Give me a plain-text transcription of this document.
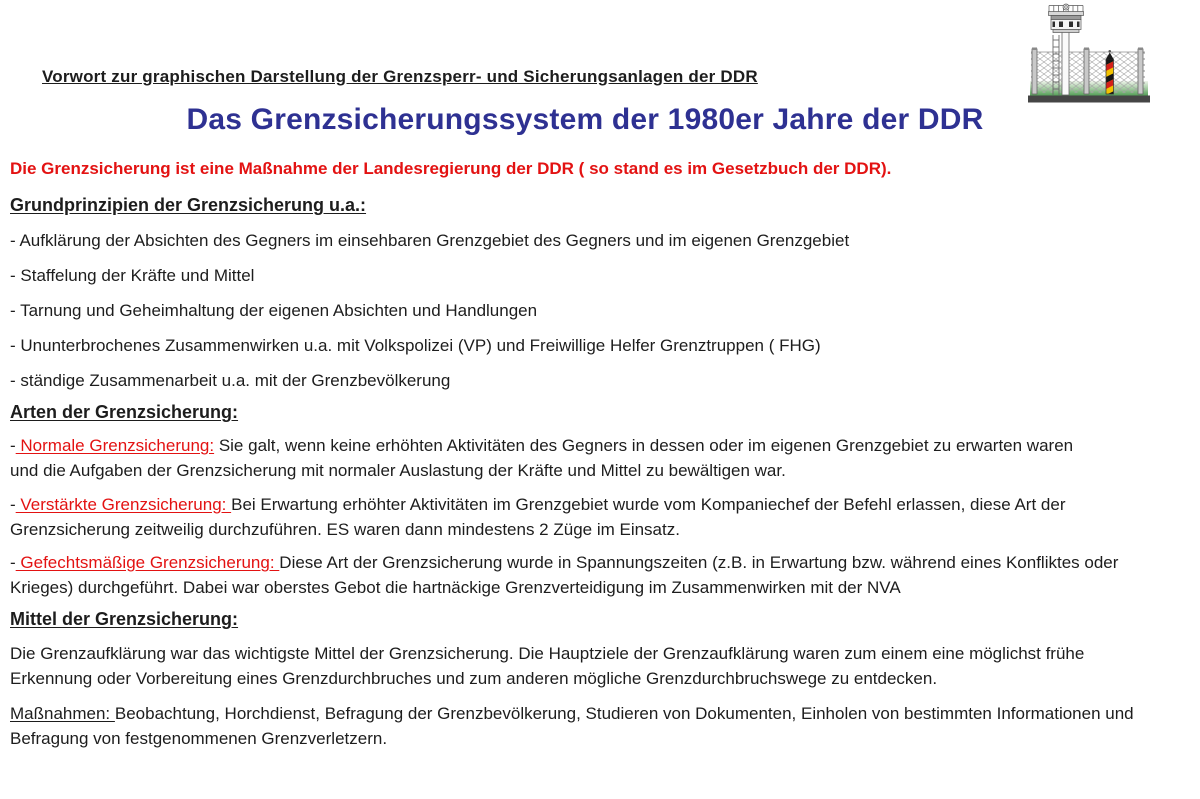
Vorwort zur graphischen Darstellung der Grenzsperr- und Sicherungsanlagen der DDR
Das Grenzsicherungssystem der 1980er Jahre der DDR

Die Grenzsicherung ist eine Maßnahme der Landesregierung der DDR ( so stand es im Gesetzbuch der DDR).

Grundprinzipien der Grenzsicherung u.a.:

- Aufklärung der Absichten des Gegners im einsehbaren Grenzgebiet des Gegners und im eigenen Grenzgebiet

- Staffelung der Kräfte und Mittel

- Tarnung und Geheimhaltung der eigenen Absichten und Handlungen

- Ununterbrochenes Zusammenwirken u.a. mit Volkspolizei (VP) und Freiwillige Helfer Grenztruppen ( FHG)

- ständige Zusammenarbeit u.a. mit der Grenzbevölkerung

Arten der Grenzsicherung:

- Normale Grenzsicherung: Sie galt, wenn keine erhöhten Aktivitäten des Gegners in dessen oder im eigenen Grenzgebiet zu erwarten waren und die Aufgaben der Grenzsicherung mit normaler Auslastung der Kräfte und Mittel zu bewältigen war.

- Verstärkte Grenzsicherung: Bei Erwartung erhöhter Aktivitäten im Grenzgebiet wurde vom Kompaniechef der Befehl erlassen, diese Art der Grenzsicherung zeitweilig durchzuführen. ES waren dann mindestens 2 Züge im Einsatz.

- Gefechtsmäßige Grenzsicherung: Diese Art der Grenzsicherung wurde in Spannungszeiten (z.B. in Erwartung bzw. während eines Konfliktes oder Krieges) durchgeführt. Dabei war oberstes Gebot die hartnäckige Grenzverteidigung im Zusammenwirken mit der NVA

Mittel der Grenzsicherung:

Die Grenzaufklärung war das wichtigste Mittel der Grenzsicherung. Die Hauptziele der Grenzaufklärung waren zum einem eine möglichst frühe Erkennung oder Vorbereitung eines Grenzdurchbruches und zum anderen mögliche Grenzdurchbruchswege zu entdecken.

Maßnahmen: Beobachtung, Horchdienst, Befragung der Grenzbevölkerung, Studieren von Dokumenten, Einholen von bestimmten Informationen und Befragung von festgenommenen Grenzverletzern.
